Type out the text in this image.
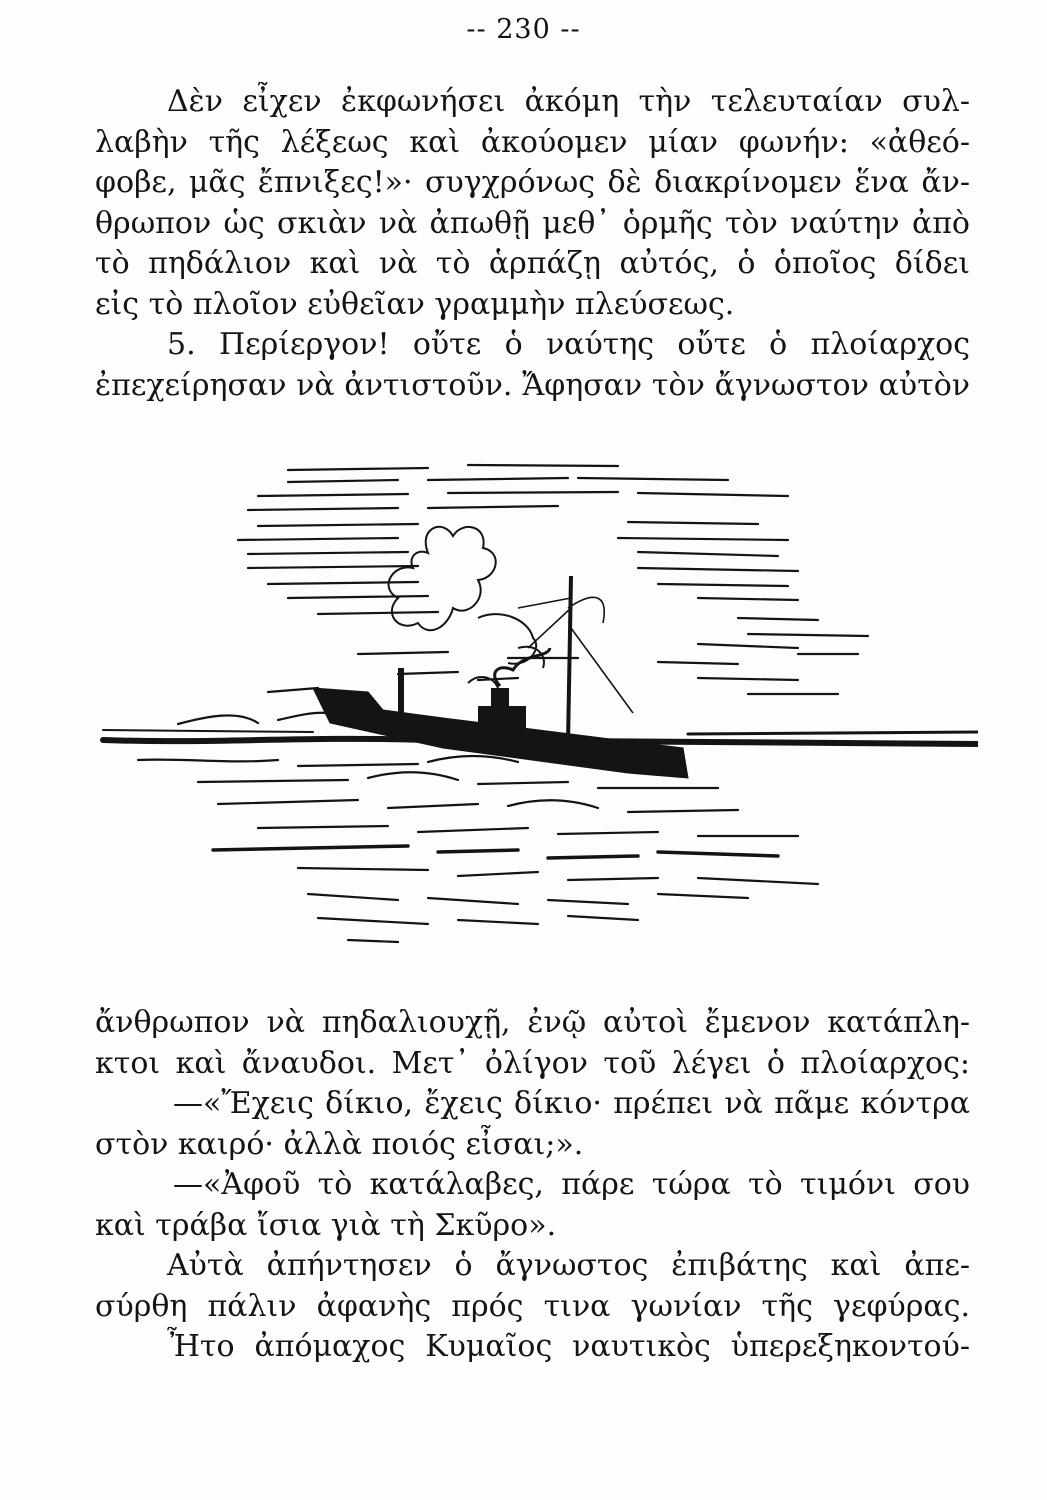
-- 230 --
Δὲν εἶχεν ἐκφωνήσει ἀκόμη τὴν τελευταίαν συλ-
λαβὴν τῆς λέξεως καὶ ἀκούομεν μίαν φωνήν: «ἀθεό-
φοβε, μᾶς ἔπνιξες!»· συγχρόνως δὲ διακρίνομεν ἕνα ἄν-
θρωπον ὡς σκιὰν νὰ ἀπωθῇ μεθ᾽ ὁρμῆς τὸν ναύτην ἀπὸ
τὸ πηδάλιον καὶ νὰ τὸ ἁρπάζῃ αὐτός, ὁ ὁποῖος δίδει
εἰς τὸ πλοῖον εὐθεῖαν γραμμὴν πλεύσεως.
5. Περίεργον! οὔτε ὁ ναύτης οὔτε ὁ πλοίαρχος
ἐπεχείρησαν νὰ ἀντιστοῦν. Ἄφησαν τὸν ἄγνωστον αὐτὸν
ἄνθρωπον νὰ πηδαλιουχῇ, ἐνῷ αὐτοὶ ἔμενον κατάπλη-
κτοι καὶ ἄναυδοι. Μετ᾽ ὀλίγον τοῦ λέγει ὁ πλοίαρχος:
—«Ἔχεις δίκιο, ἔχεις δίκιο· πρέπει νὰ πᾶμε κόντρα
στὸν καιρό· ἀλλὰ ποιός εἶσαι;».
—«Ἀφοῦ τὸ κατάλαβες, πάρε τώρα τὸ τιμόνι σου
καὶ τράβα ἴσια γιὰ τὴ Σκῦρο».
Αὐτὰ ἀπήντησεν ὁ ἄγνωστος ἐπιβάτης καὶ ἀπε-
σύρθη πάλιν ἀφανὴς πρός τινα γωνίαν τῆς γεφύρας.
Ἦτο ἀπόμαχος Κυμαῖος ναυτικὸς ὑπερεξηκοντού-
